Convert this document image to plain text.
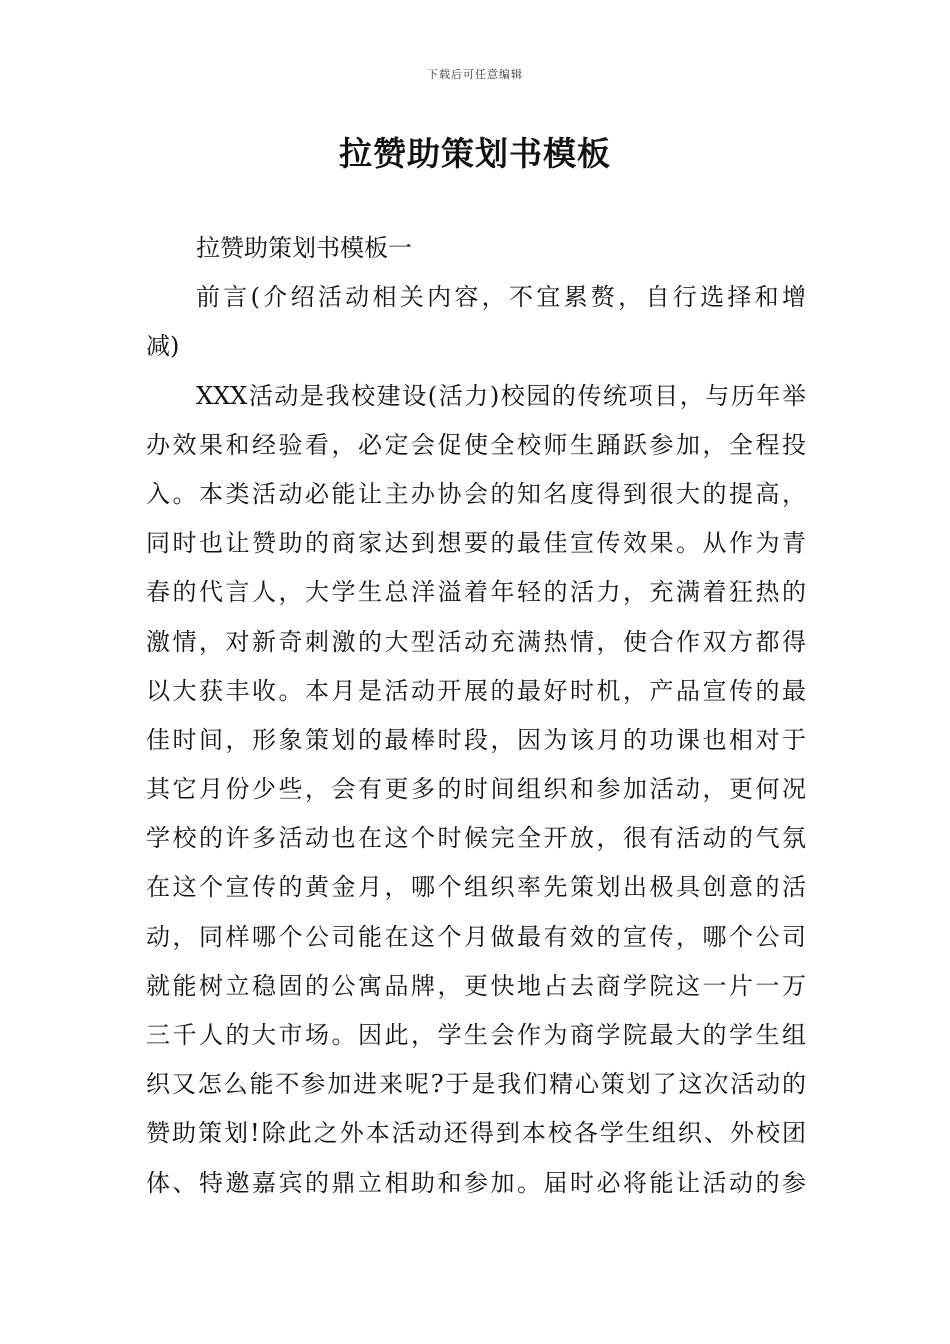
下载后可任意编辑
拉赞助策划书模板
拉赞助策划书模板一
前言(介绍活动相关内容，不宜累赘，自行选择和增
减)
XXX活动是我校建设(活力)校园的传统项目，与历年举
办效果和经验看，必定会促使全校师生踊跃参加，全程投
入。本类活动必能让主办协会的知名度得到很大的提高，
同时也让赞助的商家达到想要的最佳宣传效果。从作为青
春的代言人，大学生总洋溢着年轻的活力，充满着狂热的
激情，对新奇刺激的大型活动充满热情，使合作双方都得
以大获丰收。本月是活动开展的最好时机，产品宣传的最
佳时间，形象策划的最棒时段，因为该月的功课也相对于
其它月份少些，会有更多的时间组织和参加活动，更何况
学校的许多活动也在这个时候完全开放，很有活动的气氛
在这个宣传的黄金月，哪个组织率先策划出极具创意的活
动，同样哪个公司能在这个月做最有效的宣传，哪个公司
就能树立稳固的公寓品牌，更快地占去商学院这一片一万
三千人的大市场。因此，学生会作为商学院最大的学生组
织又怎么能不参加进来呢?于是我们精心策划了这次活动的
赞助策划!除此之外本活动还得到本校各学生组织、外校团
体、特邀嘉宾的鼎立相助和参加。届时必将能让活动的参
